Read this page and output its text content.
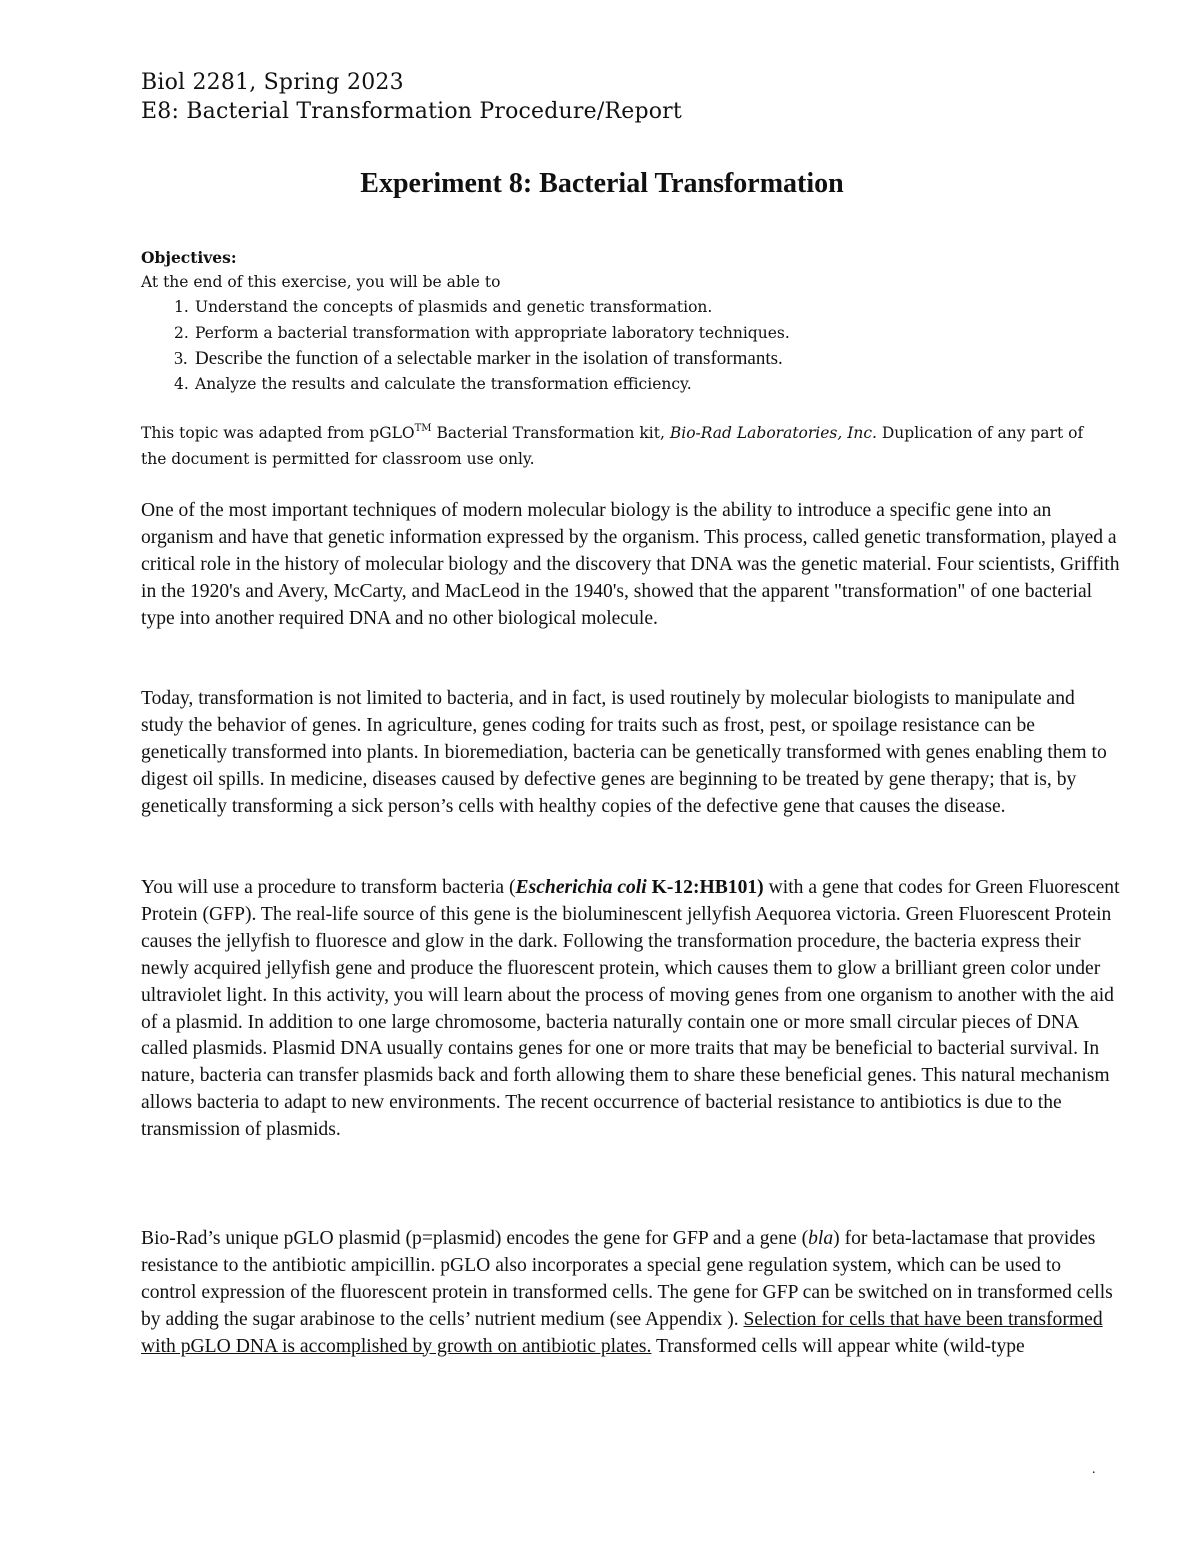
Biol 2281, Spring 2023
E8: Bacterial Transformation Procedure/Report
Experiment 8: Bacterial Transformation
Objectives:
At the end of this exercise, you will be able to
1. Understand the concepts of plasmids and genetic transformation.
2. Perform a bacterial transformation with appropriate laboratory techniques.
3. Describe the function of a selectable marker in the isolation of transformants.
4. Analyze the results and calculate the transformation efficiency.
This topic was adapted from pGLO™ Bacterial Transformation kit, Bio-Rad Laboratories, Inc. Duplication of any part of the document is permitted for classroom use only.

One of the most important techniques of modern molecular biology is the ability to introduce a specific gene into an organism and have that genetic information expressed by the organism. This process, called genetic transformation, played a critical role in the history of molecular biology and the discovery that DNA was the genetic material. Four scientists, Griffith in the 1920's and Avery, McCarty, and MacLeod in the 1940's, showed that the apparent "transformation" of one bacterial type into another required DNA and no other biological molecule.

Today, transformation is not limited to bacteria, and in fact, is used routinely by molecular biologists to manipulate and study the behavior of genes. In agriculture, genes coding for traits such as frost, pest, or spoilage resistance can be genetically transformed into plants. In bioremediation, bacteria can be genetically transformed with genes enabling them to digest oil spills. In medicine, diseases caused by defective genes are beginning to be treated by gene therapy; that is, by genetically transforming a sick person’s cells with healthy copies of the defective gene that causes the disease.

You will use a procedure to transform bacteria (Escherichia coli K-12:HB101) with a gene that codes for Green Fluorescent Protein (GFP). The real-life source of this gene is the bioluminescent jellyfish Aequorea victoria. Green Fluorescent Protein causes the jellyfish to fluoresce and glow in the dark. Following the transformation procedure, the bacteria express their newly acquired jellyfish gene and produce the fluorescent protein, which causes them to glow a brilliant green color under ultraviolet light. In this activity, you will learn about the process of moving genes from one organism to another with the aid of a plasmid. In addition to one large chromosome, bacteria naturally contain one or more small circular pieces of DNA called plasmids. Plasmid DNA usually contains genes for one or more traits that may be beneficial to bacterial survival. In nature, bacteria can transfer plasmids back and forth allowing them to share these beneficial genes. This natural mechanism allows bacteria to adapt to new environments. The recent occurrence of bacterial resistance to antibiotics is due to the transmission of plasmids.

Bio-Rad’s unique pGLO plasmid (p=plasmid) encodes the gene for GFP and a gene (bla) for beta-lactamase that provides resistance to the antibiotic ampicillin. pGLO also incorporates a special gene regulation system, which can be used to control expression of the fluorescent protein in transformed cells. The gene for GFP can be switched on in transformed cells by adding the sugar arabinose to the cells’ nutrient medium (see Appendix ). Selection for cells that have been transformed with pGLO DNA is accomplished by growth on antibiotic plates. Transformed cells will appear white (wild-type

.
